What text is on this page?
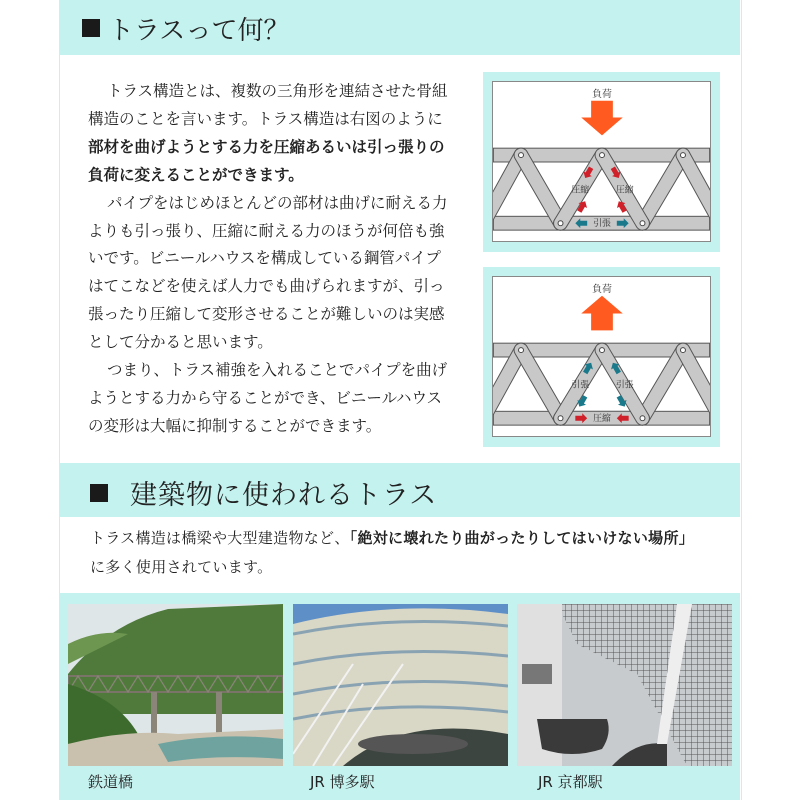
トラスって何？
トラス構造とは、複数の三角形を連結させた骨組
構造のことを言います。トラス構造は右図のように
部材を曲げようとする力を圧縮あるいは引っ張りの
負荷に変えることができます。
パイプをはじめほとんどの部材は曲げに耐える力
よりも引っ張り、圧縮に耐える力のほうが何倍も強
いです。ビニールハウスを構成している鋼管パイプ
はてこなどを使えば人力でも曲げられますが、引っ
張ったり圧縮して変形させることが難しいのは実感
として分かると思います。
つまり、トラス補強を入れることでパイプを曲げ
ようとする力から守ることができ、ビニールハウス
の変形は大幅に抑制することができます。
負荷
圧縮	圧縮
引張
負荷
引張	引張
圧縮
建築物に使われるトラス
トラス構造は橋梁や大型建造物など、「絶対に壊れたり曲がったりしてはいけない場所」
に多く使用されています。
鉄道橋	JR 博多駅	JR 京都駅
